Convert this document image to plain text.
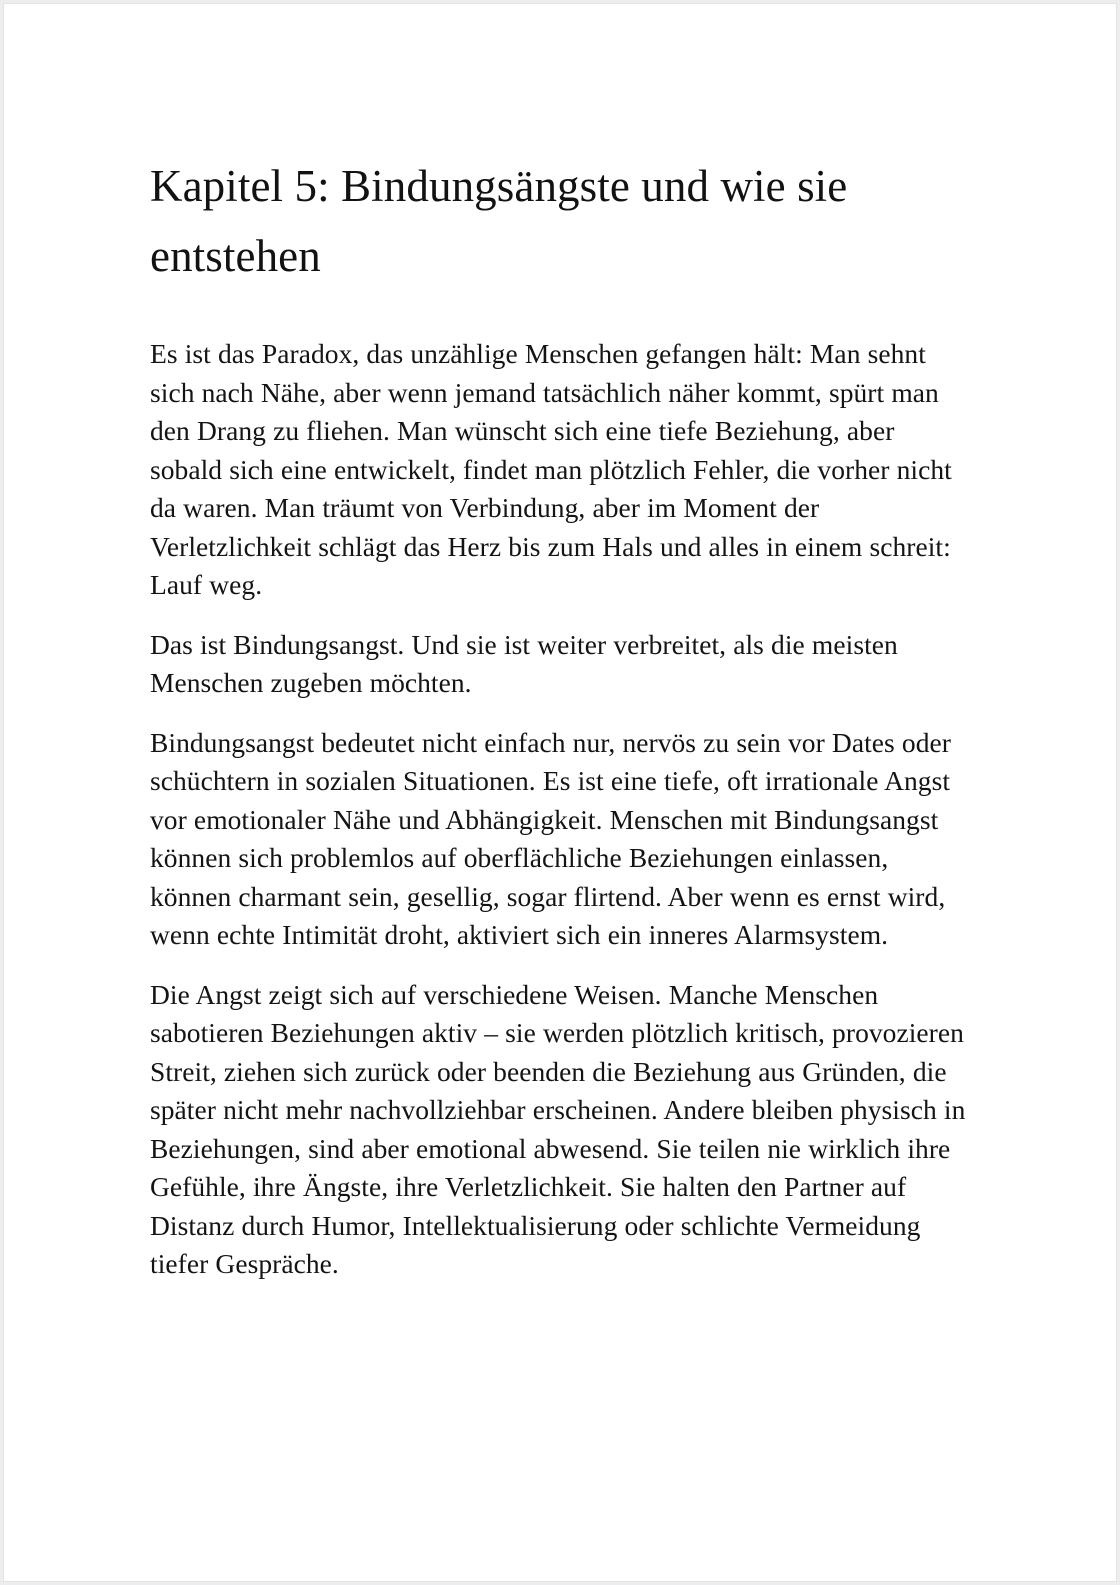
Kapitel 5: Bindungsängste und wie sie entstehen

Es ist das Paradox, das unzählige Menschen gefangen hält: Man sehnt sich nach Nähe, aber wenn jemand tatsächlich näher kommt, spürt man den Drang zu fliehen. Man wünscht sich eine tiefe Beziehung, aber sobald sich eine entwickelt, findet man plötzlich Fehler, die vorher nicht da waren. Man träumt von Verbindung, aber im Moment der Verletzlichkeit schlägt das Herz bis zum Hals und alles in einem schreit: Lauf weg.

Das ist Bindungsangst. Und sie ist weiter verbreitet, als die meisten Menschen zugeben möchten.

Bindungsangst bedeutet nicht einfach nur, nervös zu sein vor Dates oder schüchtern in sozialen Situationen. Es ist eine tiefe, oft irrationale Angst vor emotionaler Nähe und Abhängigkeit. Menschen mit Bindungsangst können sich problemlos auf oberflächliche Beziehungen einlassen, können charmant sein, gesellig, sogar flirtend. Aber wenn es ernst wird, wenn echte Intimität droht, aktiviert sich ein inneres Alarmsystem.

Die Angst zeigt sich auf verschiedene Weisen. Manche Menschen sabotieren Beziehungen aktiv – sie werden plötzlich kritisch, provozieren Streit, ziehen sich zurück oder beenden die Beziehung aus Gründen, die später nicht mehr nachvollziehbar erscheinen. Andere bleiben physisch in Beziehungen, sind aber emotional abwesend. Sie teilen nie wirklich ihre Gefühle, ihre Ängste, ihre Verletzlichkeit. Sie halten den Partner auf Distanz durch Humor, Intellektualisierung oder schlichte Vermeidung tiefer Gespräche.
